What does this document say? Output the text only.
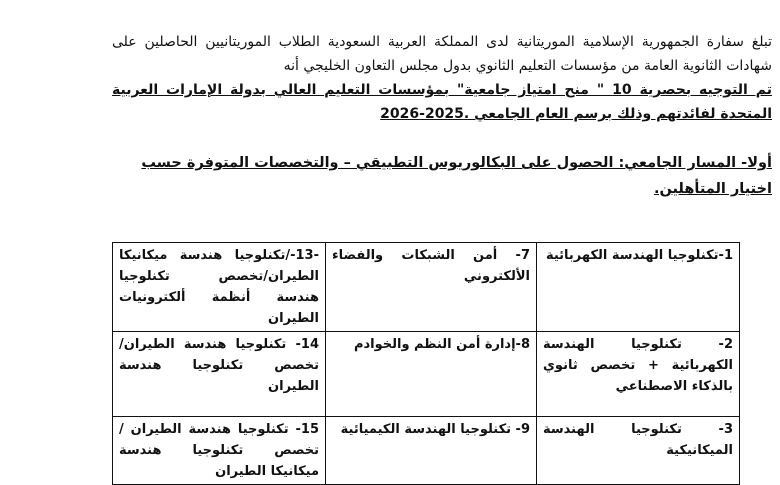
تبلغ سفارة الجمهورية الإسلامية الموريتانية لدى المملكة العربية السعودية الطلاب الموريتانيين الحاصلين على شهادات الثانوية العامة من مؤسسات التعليم الثانوي بدول مجلس التعاون الخليجي أنه

تم التوجيه بحصرية 10 " منح امتياز جامعية" بمؤسسات التعليم العالي بدولة الإمارات العربية المتحدة لفائدتهم وذلك برسم العام الجامعي .2025-2026

أولا- المسار الجامعي: الحصول على البكالوريوس التطبيقي – والتخصصات المتوفرة حسب اختيار المتأهلين.
1-تكنلوجيا الهندسة الكهربائية	7- أمن الشبكات والفضاء الألكتروني	-13-/تكنلوجيا هندسة ميكانيكا الطيران/تخصص تكنلوجيا هندسة أنظمة ألكترونيات الطيران
2- تكنلوجيا الهندسة الكهربائية + تخصص ثانوي بالذكاء الاصطناعي	8-إدارة أمن النظم والخوادم	14- تكنلوجيا هندسة الطيران/ تخصص تكنلوجيا هندسة الطيران
3- تكنلوجيا الهندسة الميكانيكية	9- تكنلوجيا الهندسة الكيميائية	15- تكنلوجيا هندسة الطيران / تخصص تكنلوجيا هندسة ميكانيكا الطيران
